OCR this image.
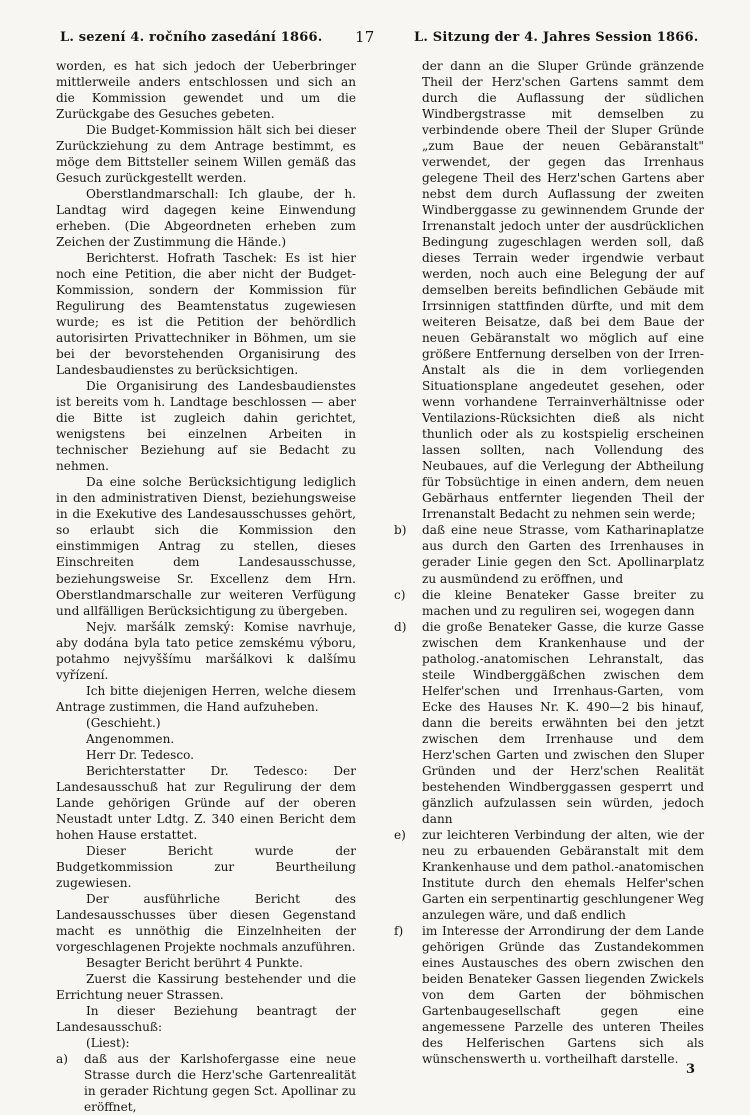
L. sezení 4. ročního zasedání 1866. 17	L. Sitzung der 4. Jahres Session 1866.

worden, es hat sich jedoch der Ueberbringer mittlerweile anders entschlossen und sich an die Kommission gewendet und um die Zurückgabe des Gesuches gebeten.

Die Budget-Kommission hält sich bei dieser Zurückziehung zu dem Antrage bestimmt, es möge dem Bittsteller seinem Willen gemäß das Gesuch zurückgestellt werden.

Oberstlandmarschall: Ich glaube, der h. Landtag wird dagegen keine Einwendung erheben. (Die Abgeordneten erheben zum Zeichen der Zustimmung die Hände.)

Berichterst. Hofrath Taschek: Es ist hier noch eine Petition, die aber nicht der Budget-Kommission, sondern der Kommission für Regulirung des Beamtenstatus zugewiesen wurde; es ist die Petition der behördlich autorisirten Privattechniker in Böhmen, um sie bei der bevorstehenden Organisirung des Landesbaudienstes zu berücksichtigen.

Die Organisirung des Landesbaudienstes ist bereits vom h. Landtage beschlossen — aber die Bitte ist zugleich dahin gerichtet, wenigstens bei einzelnen Arbeiten in technischer Beziehung auf sie Bedacht zu nehmen.

Da eine solche Berücksichtigung lediglich in den administrativen Dienst, beziehungsweise in die Exekutive des Landesausschusses gehört, so erlaubt sich die Kommission den einstimmigen Antrag zu stellen, dieses Einschreiten dem Landesausschusse, beziehungsweise Sr. Excellenz dem Hrn. Oberstlandmarschalle zur weiteren Verfügung und allfälligen Berücksichtigung zu übergeben.

Nejv. maršálk zemský: Komise navrhuje, aby dodána byla tato petice zemskému výboru, potahmo nejvyššímu maršálkovi k dalšímu vyřízení.

Ich bitte diejenigen Herren, welche diesem Antrage zustimmen, die Hand aufzuheben.

(Geschieht.)

Angenommen.

Herr Dr. Tedesco.

Berichterstatter Dr. Tedesco: Der Landesausschuß hat zur Regulirung der dem Lande gehörigen Gründe auf der oberen Neustadt unter Ldtg. Z. 340 einen Bericht dem hohen Hause erstattet.

Dieser Bericht wurde der Budgetkommission zur Beurtheilung zugewiesen.

Der ausführliche Bericht des Landesausschusses über diesen Gegenstand macht es unnöthig die Einzelnheiten der vorgeschlagenen Projekte nochmals anzuführen.

Besagter Bericht berührt 4 Punkte.

Zuerst die Kassirung bestehender und die Errichtung neuer Strassen.

In dieser Beziehung beantragt der Landesausschuß:

(Liest):

a)	daß aus der Karlshofergasse eine neue Strasse durch die Herz'sche Gartenrealität in gerader Richtung gegen Sct. Apollinar zu eröffnet,

der dann an die Sluper Gründe gränzende Theil der Herz'schen Gartens sammt dem durch die Auflassung der südlichen Windbergstrasse mit demselben zu verbindende obere Theil der Sluper Gründe „zum Baue der neuen Gebäranstalt" verwendet, der gegen das Irrenhaus gelegene Theil des Herz'schen Gartens aber nebst dem durch Auflassung der zweiten Windberggasse zu gewinnendem Grunde der Irrenanstalt jedoch unter der ausdrücklichen Bedingung zugeschlagen werden soll, daß dieses Terrain weder irgendwie verbaut werden, noch auch eine Belegung der auf demselben bereits befindlichen Gebäude mit Irrsinnigen stattfinden dürfte, und mit dem weiteren Beisatze, daß bei dem Baue der neuen Gebäranstalt wo möglich auf eine größere Entfernung derselben von der Irren-Anstalt als die in dem vorliegenden Situationsplane angedeutet gesehen, oder wenn vorhandene Terrainverhältnisse oder Ventilazions-Rücksichten dieß als nicht thunlich oder als zu kostspielig erscheinen lassen sollten, nach Vollendung des Neubaues, auf die Verlegung der Abtheilung für Tobsüchtige in einen andern, dem neuen Gebärhaus entfernter liegenden Theil der Irrenanstalt Bedacht zu nehmen sein werde;

b)	daß eine neue Strasse, vom Katharinaplatze aus durch den Garten des Irrenhauses in gerader Linie gegen den Sct. Apollinarplatz zu ausmündend zu eröffnen, und
c)	die kleine Benateker Gasse breiter zu machen und zu reguliren sei, wogegen dann
d)	die große Benateker Gasse, die kurze Gasse zwischen dem Krankenhause und der patholog.-anatomischen Lehranstalt, das steile Windberggäßchen zwischen dem Helfer'schen und Irrenhaus-Garten, vom Ecke des Hauses Nr. K. 490—2 bis hinauf, dann die bereits erwähnten bei den jetzt zwischen dem Irrenhause und dem Herz'schen Garten und zwischen den Sluper Gründen und der Herz'schen Realität bestehenden Windberggassen gesperrt und gänzlich aufzulassen sein würden, jedoch dann
e)	zur leichteren Verbindung der alten, wie der neu zu erbauenden Gebäranstalt mit dem Krankenhause und dem pathol.-anatomischen Institute durch den ehemals Helfer'schen Garten ein serpentinartig geschlungener Weg anzulegen wäre, und daß endlich
f)	im Interesse der Arrondirung der dem Lande gehörigen Gründe das Zustandekommen eines Austausches des obern zwischen den beiden Benateker Gassen liegenden Zwickels von dem Garten der böhmischen Gartenbaugesellschaft gegen eine angemessene Parzelle des unteren Theiles des Helferischen Gartens sich als wünschenswerth u. vortheilhaft darstelle.
3
